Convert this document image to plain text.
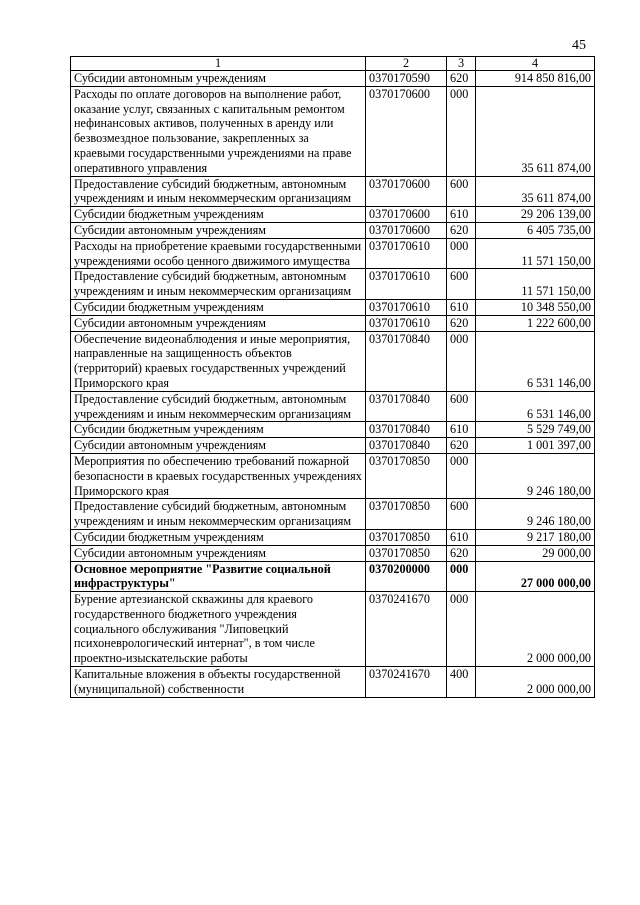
45
1	2	3	4
Субсидии автономным учреждениям	0370170590	620	914 850 816,00
Расходы по оплате договоров на выполнение работ, оказание услуг, связанных с капитальным ремонтом нефинансовых активов, полученных в аренду или безвозмездное пользование, закрепленных за краевыми государственными учреждениями на праве оперативного управления	0370170600	000	35 611 874,00
Предоставление субсидий бюджетным, автономным учреждениям и иным некоммерческим организациям	0370170600	600	35 611 874,00
Субсидии бюджетным учреждениям	0370170600	610	29 206 139,00
Субсидии автономным учреждениям	0370170600	620	6 405 735,00
Расходы на приобретение краевыми государственными учреждениями особо ценного движимого имущества	0370170610	000	11 571 150,00
Предоставление субсидий бюджетным, автономным учреждениям и иным некоммерческим организациям	0370170610	600	11 571 150,00
Субсидии бюджетным учреждениям	0370170610	610	10 348 550,00
Субсидии автономным учреждениям	0370170610	620	1 222 600,00
Обеспечение видеонаблюдения и иные мероприятия, направленные на защищенность объектов (территорий) краевых государственных учреждений Приморского края	0370170840	000	6 531 146,00
Предоставление субсидий бюджетным, автономным учреждениям и иным некоммерческим организациям	0370170840	600	6 531 146,00
Субсидии бюджетным учреждениям	0370170840	610	5 529 749,00
Субсидии автономным учреждениям	0370170840	620	1 001 397,00
Мероприятия по обеспечению требований пожарной безопасности в краевых государственных учреждениях Приморского края	0370170850	000	9 246 180,00
Предоставление субсидий бюджетным, автономным учреждениям и иным некоммерческим организациям	0370170850	600	9 246 180,00
Субсидии бюджетным учреждениям	0370170850	610	9 217 180,00
Субсидии автономным учреждениям	0370170850	620	29 000,00
Основное мероприятие "Развитие социальной инфраструктуры"	0370200000	000	27 000 000,00
Бурение артезианской скважины для краевого государственного бюджетного учреждения социального обслуживания "Липовецкий психоневрологический интернат", в том числе проектно-изыскательские работы	0370241670	000	2 000 000,00
Капитальные вложения в объекты государственной (муниципальной) собственности	0370241670	400	2 000 000,00
